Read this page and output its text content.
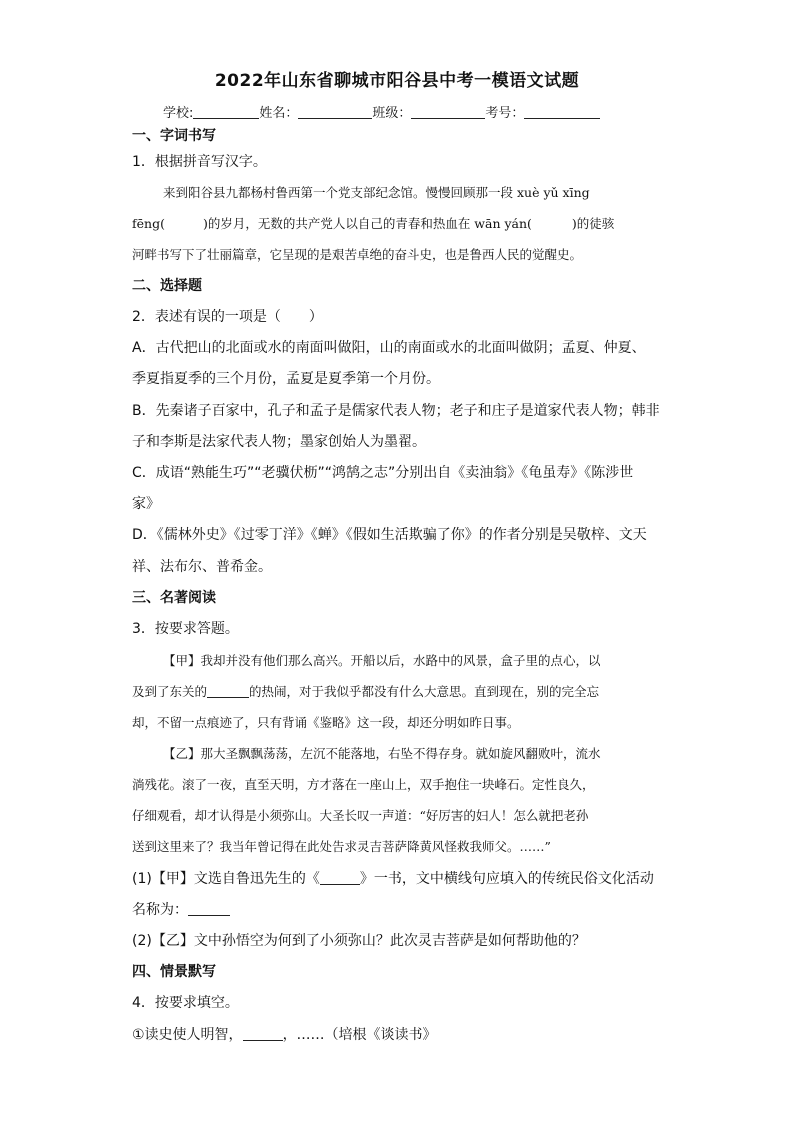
2022年山东省聊城市阳谷县中考一模语文试题
学校:	姓名：	班级：	考号：
一、字词书写
1．根据拼音写汉字。
来到阳谷县九都杨村鲁西第一个党支部纪念馆。慢慢回顾那一段 xuè yǔ xīng
fēng(	)的岁月，无数的共产党人以自己的青春和热血在 wān yán(	)的徒骇
河畔书写下了壮丽篇章，它呈现的是艰苦卓绝的奋斗史，也是鲁西人民的觉醒史。
二、选择题
2．表述有误的一项是（　　）
A．古代把山的北面或水的南面叫做阳，山的南面或水的北面叫做阴；孟夏、仲夏、
季夏指夏季的三个月份，孟夏是夏季第一个月份。
B．先秦诸子百家中，孔子和孟子是儒家代表人物；老子和庄子是道家代表人物；韩非
子和李斯是法家代表人物；墨家创始人为墨翟。
C．成语“熟能生巧”“老骥伏枥”“鸿鹄之志”分别出自《卖油翁》《龟虽寿》《陈涉世
家》
D．《儒林外史》《过零丁洋》《蝉》《假如生活欺骗了你》的作者分别是吴敬梓、文天
祥、法布尔、普希金。
三、名著阅读
3．按要求答题。
【甲】我却并没有他们那么高兴。开船以后，水路中的风景，盒子里的点心，以
及到了东关的	的热闹，对于我似乎都没有什么大意思。直到现在，别的完全忘
却，不留一点痕迹了，只有背诵《鉴略》这一段，却还分明如昨日事。
【乙】那大圣飘飘荡荡，左沉不能落地，右坠不得存身。就如旋风翻败叶，流水
淌残花。滚了一夜，直至天明，方才落在一座山上，双手抱住一块峰石。定性良久，
仔细观看，却才认得是小须弥山。大圣长叹一声道：“好厉害的妇人！怎么就把老孙
送到这里来了？我当年曾记得在此处告求灵吉菩萨降黄风怪救我师父。……”
(1)【甲】文选自鲁迅先生的《	》一书，文中横线句应填入的传统民俗文化活动
名称为：
(2)【乙】文中孙悟空为何到了小须弥山？此次灵吉菩萨是如何帮助他的？
四、情景默写
4．按要求填空。
①读史使人明智，	，……（培根《谈读书》
